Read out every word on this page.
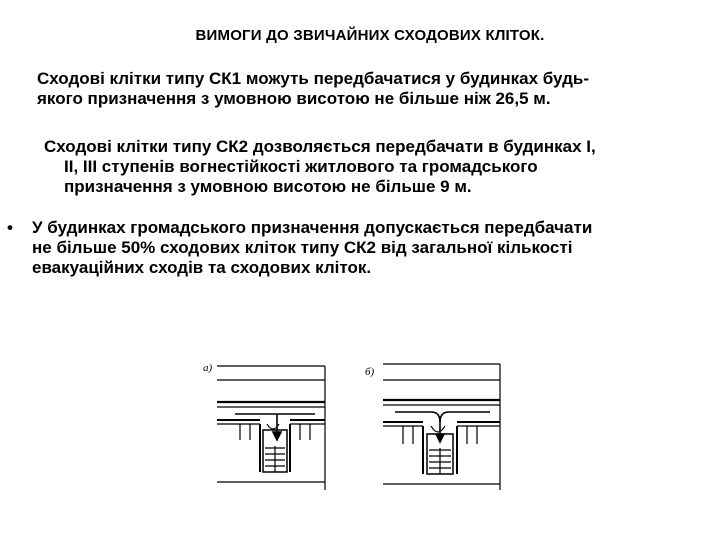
ВИМОГИ ДО ЗВИЧАЙНИХ СХОДОВИХ КЛІТОК.

Сходові клітки типу СК1 можуть передбачатися у будинках будь-
якого призначення з умовною висотою не більше ніж 26,5 м.

Сходові клітки типу СК2 дозволяється передбачати в будинках І,
II, III ступенів вогнестійкості житлового та громадського
призначення з умовною висотою не більше 9 м.

• У будинках громадського призначення допускається передбачати
не більше 50% сходових кліток типу СК2 від загальної кількості
евакуаційних сходів та сходових кліток.

а)	б)
